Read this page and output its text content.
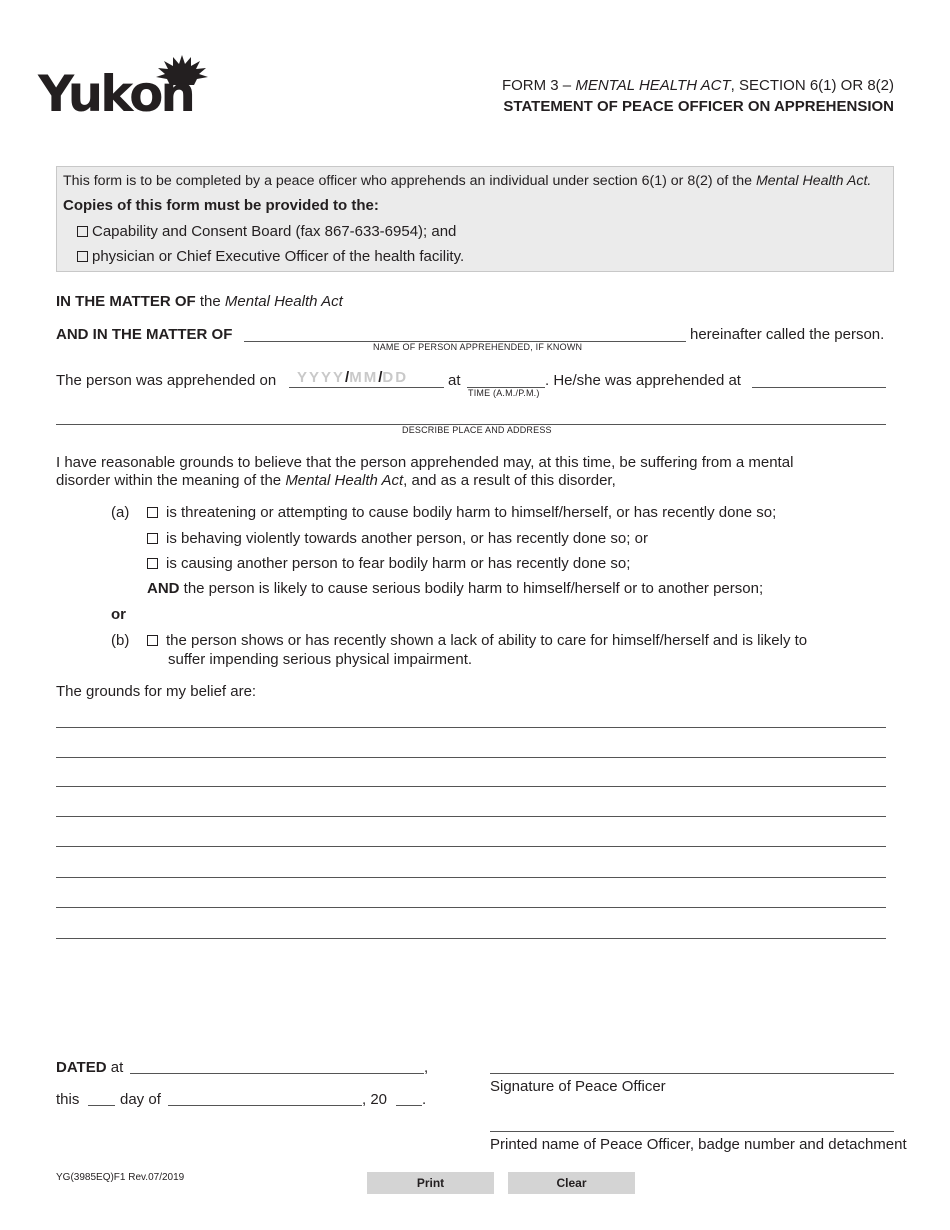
Yukon	FORM 3 – MENTAL HEALTH ACT, SECTION 6(1) OR 8(2)
STATEMENT OF PEACE OFFICER ON APPREHENSION
This form is to be completed by a peace officer who apprehends an individual under section 6(1) or 8(2) of the Mental Health Act.
Copies of this form must be provided to the:
Capability and Consent Board (fax 867-633-6954); and
physician or Chief Executive Officer of the health facility.
IN THE MATTER OF the Mental Health Act
AND IN THE MATTER OF	hereinafter called the person.
NAME OF PERSON APPREHENDED, IF KNOWN
The person was apprehended on YYYY/MM/DD	at	. He/she was apprehended at
TIME (A.M./P.M.)
DESCRIBE PLACE AND ADDRESS
I have reasonable grounds to believe that the person apprehended may, at this time, be suffering from a mental
disorder within the meaning of the Mental Health Act, and as a result of this disorder,
(a)	is threatening or attempting to cause bodily harm to himself/herself, or has recently done so;
is behaving violently towards another person, or has recently done so; or
is causing another person to fear bodily harm or has recently done so;
AND the person is likely to cause serious bodily harm to himself/herself or to another person;
or
(b)	the person shows or has recently shown a lack of ability to care for himself/herself and is likely to
suffer impending serious physical impairment.
The grounds for my belief are:
DATED at	,
this	day of	, 20 .
Signature of Peace Officer
Printed name of Peace Officer, badge number and detachment
YG(3985EQ)F1 Rev.07/2019	Print	Clear
